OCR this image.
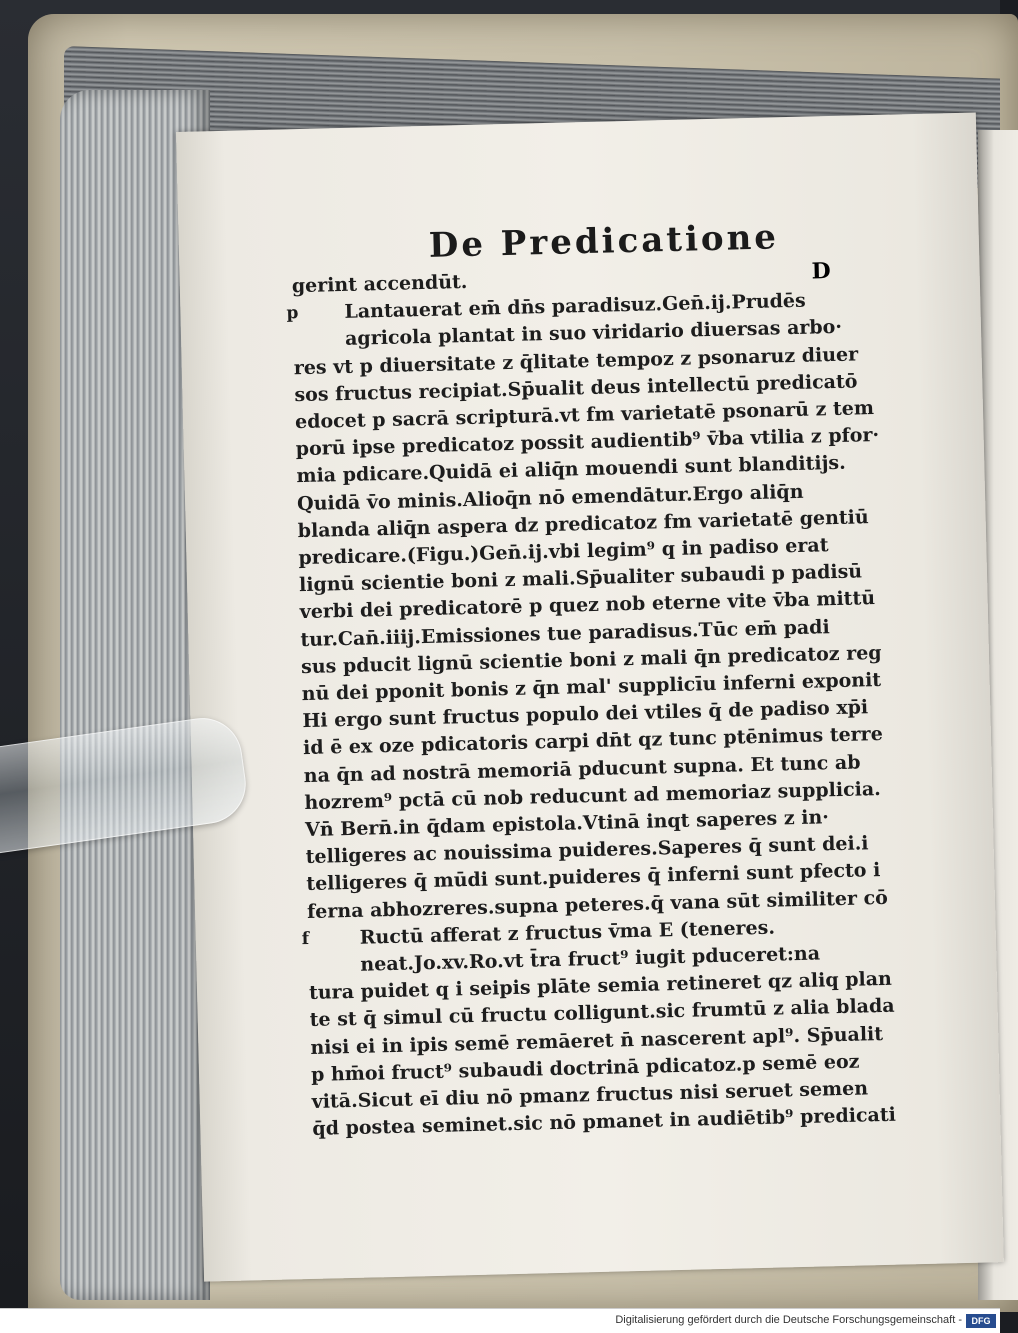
De Predicatione
D
gerint accendūt.
p Lantauerat em̄ dn̄s paradisuz.Gen̄.ij.Prudēs
agricola plantat in suo viridario diuersas arbo·
res vt p diuersitate z q̄litate tempoz z psonaruz diuer
sos fructus recipiat.Sp̄ualit deus intellectū predicatō
edocet p sacrā scripturā.vt fm varietatē psonarū z tem
porū ipse predicatoz possit audientib⁹ v̄ba vtilia z pfor·
mia pdicare.Quidā ei aliq̄n mouendi sunt blanditijs.
Quidā v̄o minis.Alioq̄n nō emendātur.Ergo aliq̄n
blanda aliq̄n aspera dz predicatoz fm varietatē gentiū
predicare.(Figu.)Gen̄.ij.vbi legim⁹ q in padiso erat
lignū scientie boni z mali.Sp̄ualiter subaudi p padisū
verbi dei predicatorē p quez nob eterne vite v̄ba mittū
tur.Can̄.iiij.Emissiones tue paradisus.Tūc em̄ padi
sus pducit lignū scientie boni z mali q̄n predicatoz reg
nū dei pponit bonis z q̄n mal' supplicīu inferni exponit
Hi ergo sunt fructus populo dei vtiles q̄ de padiso xp̄i
id ē ex oze pdicatoris carpi dn̄t qz tunc ptēnimus terre
na q̄n ad nostrā memoriā pducunt supna. Et tunc ab
hozrem⁹ pctā cū nob reducunt ad memoriaz supplicia.
Vn̄ Bern̄.in q̄dam epistola.Vtinā inqt saperes z in·
telligeres ac nouissima puideres.Saperes q̄ sunt dei.i
telligeres q̄ mūdi sunt.puideres q̄ inferni sunt pfecto i
ferna abhozreres.supna peteres.q̄ vana sūt similiter cō
f	Ructū afferat z fructus v̄ma E (teneres.
neat.Jo.xv.Ro.vt t̄ra fruct⁹ iugit pduceret:na
tura puidet q i seipis plāte semia retineret qz aliq plan
te st q̄ simul cū fructu colligunt.sic frumtū z alia blada
nisi ei in ipis semē remāeret n̄ nascerent apl⁹. Sp̄ualit
p hm̄oi fruct⁹ subaudi doctrinā pdicatoz.p semē eoz
vitā.Sicut eī diu nō pmanz fructus nisi seruet semen
q̄d postea seminet.sic nō pmanet in audiētib⁹ predicati
Digitalisierung gefördert durch die Deutsche Forschungsgemeinschaft -	DFG
